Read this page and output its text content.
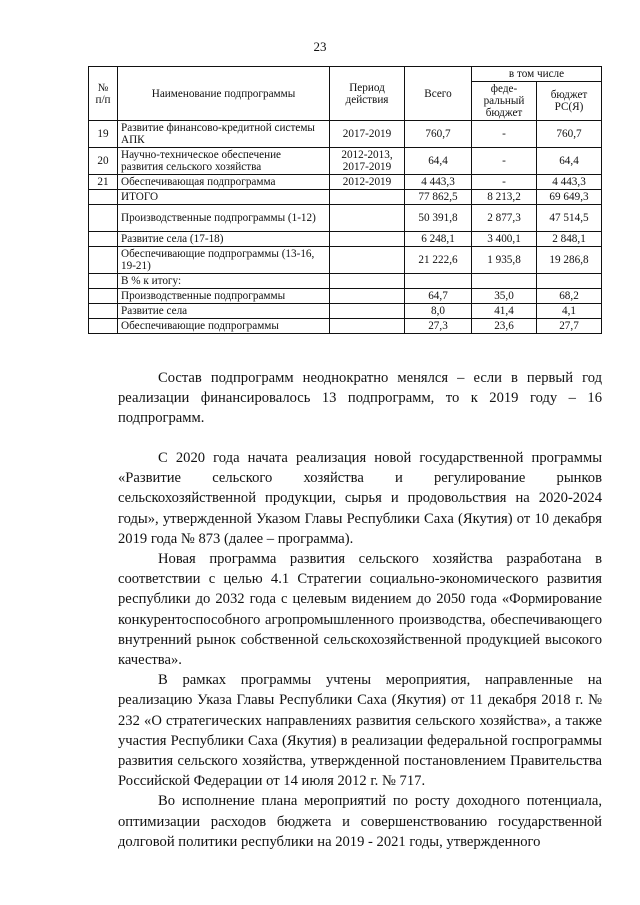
23
№ п/п	Наименование подпрограммы	Период действия	Всего	в том числе	
				феде-ральный бюджет	бюджет РС(Я)
19	Развитие финансово-кредитной системы АПК	2017-2019	760,7	-	760,7
20	Научно-техническое обеспечение развития сельского хозяйства	2012-2013, 2017-2019	64,4	-	64,4
21	Обеспечивающая подпрограмма	2012-2019	4 443,3	-	4 443,3
	ИТОГО		77 862,5	8 213,2	69 649,3
	Производственные подпрограммы (1-12)		50 391,8	2 877,3	47 514,5
	Развитие села (17-18)		6 248,1	3 400,1	2 848,1
	Обеспечивающие подпрограммы (13-16, 19-21)		21 222,6	1 935,8	19 286,8
	В % к итогу:				
	Производственные подпрограммы		64,7	35,0	68,2
	Развитие села		8,0	41,4	4,1
	Обеспечивающие подпрограммы		27,3	23,6	27,7

Состав подпрограмм неоднократно менялся – если в первый год реализации финансировалось 13 подпрограмм, то к 2019 году – 16 подпрограмм.

С 2020 года начата реализация новой государственной программы «Развитие сельского хозяйства и регулирование рынков сельскохозяйственной продукции, сырья и продовольствия на 2020-2024 годы», утвержденной Указом Главы Республики Саха (Якутия) от 10 декабря 2019 года № 873 (далее – программа).

Новая программа развития сельского хозяйства разработана в соответствии с целью 4.1 Стратегии социально-экономического развития республики до 2032 года с целевым видением до 2050 года «Формирование конкурентоспособного агропромышленного производства, обеспечивающего внутренний рынок собственной сельскохозяйственной продукцией высокого качества».

В рамках программы учтены мероприятия, направленные на реализацию Указа Главы Республики Саха (Якутия) от 11 декабря 2018 г. № 232 «О стратегических направлениях развития сельского хозяйства», а также участия Республики Саха (Якутия) в реализации федеральной госпрограммы развития сельского хозяйства, утвержденной постановлением Правительства Российской Федерации от 14 июля 2012 г. № 717.

Во исполнение плана мероприятий по росту доходного потенциала, оптимизации расходов бюджета и совершенствованию государственной долговой политики республики на 2019 - 2021 годы, утвержденного
